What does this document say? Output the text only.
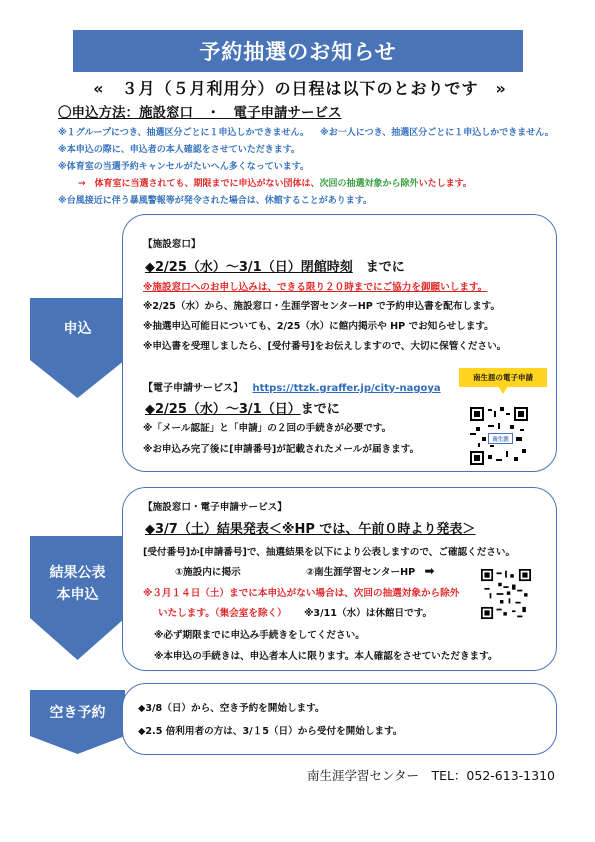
予約抽選のお知らせ
«　３月（５月利用分）の日程は以下のとおりです　»
〇申込方法：施設窓口　・　電子申請サービス
※１グループにつき、抽選区分ごとに１申込しかできません。 ※お一人につき、抽選区分ごとに１申込しかできません。
※本申込の際に、申込者の本人確認をさせていただきます。
※体育室の当選予約キャンセルがたいへん多くなっています。
→　体育室に当選されても、期限までに申込がない団体は、次回の抽選対象から除外いたします。
※台風接近に伴う暴風警報等が発令された場合は、休館することがあります。
申込
【施設窓口】
◆2/25（水）～3/1（日）閉館時刻　 までに
※施設窓口へのお申し込みは、できる限り２０時までにご協力を御願いします。
※2/25（水）から、施設窓口・生涯学習センターHP で予約申込書を配布します。
※抽選申込可能日についても、2/25（水）に館内掲示や HP でお知らせします。
※申込書を受理しましたら、[受付番号]をお伝えしますので、大切に保管ください。
【電子申請サービス】 https://ttzk.graffer.jp/city-nagoya
◆2/25（水）～3/1（日）までに
※「メール認証」と「申請」の２回の手続きが必要です。
※お申込み完了後に[申請番号]が記載されたメールが届きます。
南生涯の電子申請
南生涯
結果公表
本申込
【施設窓口・電子申請サービス】
◆3/7（土）結果発表＜※HP では、午前０時より発表＞
[受付番号]か[申請番号]で、抽選結果を以下により公表しますので、ご確認ください。
①施設内に掲示	②南生涯学習センターHP ➡
※３月１４日（土）までに本申込がない場合は、次回の抽選対象から除外
いたします。（集会室を除く） ※3/11（水）は休館日です。
※必ず期限までに申込み手続きをしてください。
※本申込の手続きは、申込者本人に限ります。本人確認をさせていただきます。
空き予約	◆3/8（日）から、空き予約を開始します。
◆2.5 倍利用者の方は、3/１5（日）から受付を開始します。
南生涯学習センター　TEL：052-613-1310
